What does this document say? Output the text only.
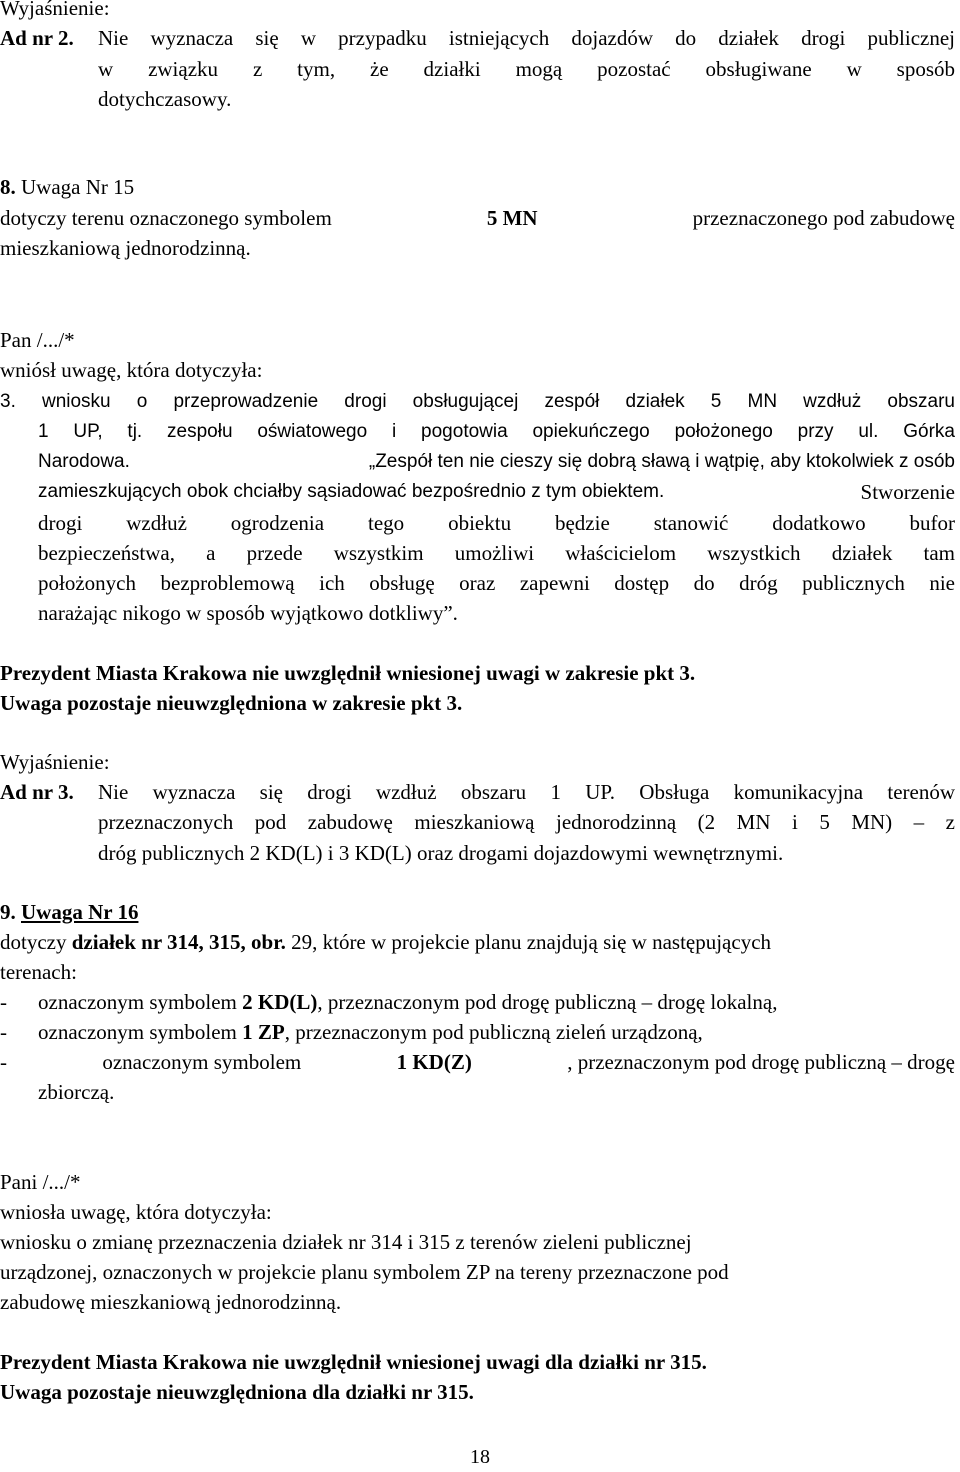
Wyjaśnienie:
Ad nr 2. Nie wyznacza się w przypadku istniejących dojazdów do działek drogi publicznej
w związku z tym, że działki mogą pozostać obsługiwane w sposób
dotychczasowy.
8. Uwaga Nr 15
dotyczy terenu oznaczonego symbolem	5 MN	przeznaczonego pod zabudowę
mieszkaniową jednorodzinną.
Pan /.../*
wniósł uwagę, która dotyczyła:
3. wniosku o przeprowadzenie drogi obsługującej zespół działek 5 MN wzdłuż obszaru
1 UP, tj. zespołu oświatowego i pogotowia opiekuńczego położonego przy ul. Górka
Narodowa.	„Zespół ten nie cieszy się dobrą sławą i wątpię, aby ktokolwiek z osób
zamieszkujących obok chciałby sąsiadować bezpośrednio z tym obiektem.	Stworzenie
drogi wzdłuż ogrodzenia tego obiektu będzie stanowić dodatkowo bufor
bezpieczeństwa, a przede wszystkim umożliwi właścicielom wszystkich działek tam
położonych bezproblemową ich obsługę oraz zapewni dostęp do dróg publicznych nie
narażając nikogo w sposób wyjątkowo dotkliwy”.
Prezydent Miasta Krakowa nie uwzględnił wniesionej uwagi w zakresie pkt 3.
Uwaga pozostaje nieuwzględniona w zakresie pkt 3.
Wyjaśnienie:
Ad nr 3. Nie wyznacza się drogi wzdłuż obszaru 1 UP. Obsługa komunikacyjna terenów
przeznaczonych pod zabudowę mieszkaniową jednorodzinną (2 MN i 5 MN) – z
dróg publicznych 2 KD(L) i 3 KD(L) oraz drogami dojazdowymi wewnętrznymi.
9. Uwaga Nr 16
dotyczy działek nr 314, 315, obr. 29, które w projekcie planu znajdują się w następujących
terenach:
- oznaczonym symbolem 2 KD(L), przeznaczonym pod drogę publiczną – drogę lokalną,
- oznaczonym symbolem 1 ZP, przeznaczonym pod publiczną zieleń urządzoną,
-	oznaczonym symbolem	1 KD(Z)	, przeznaczonym pod drogę publiczną – drogę
zbiorczą.
Pani /.../*
wniosła uwagę, która dotyczyła:
wniosku o zmianę przeznaczenia działek nr 314 i 315 z terenów zieleni publicznej
urządzonej, oznaczonych w projekcie planu symbolem ZP na tereny przeznaczone pod
zabudowę mieszkaniową jednorodzinną.
Prezydent Miasta Krakowa nie uwzględnił wniesionej uwagi dla działki nr 315.
Uwaga pozostaje nieuwzględniona dla działki nr 315.
18
